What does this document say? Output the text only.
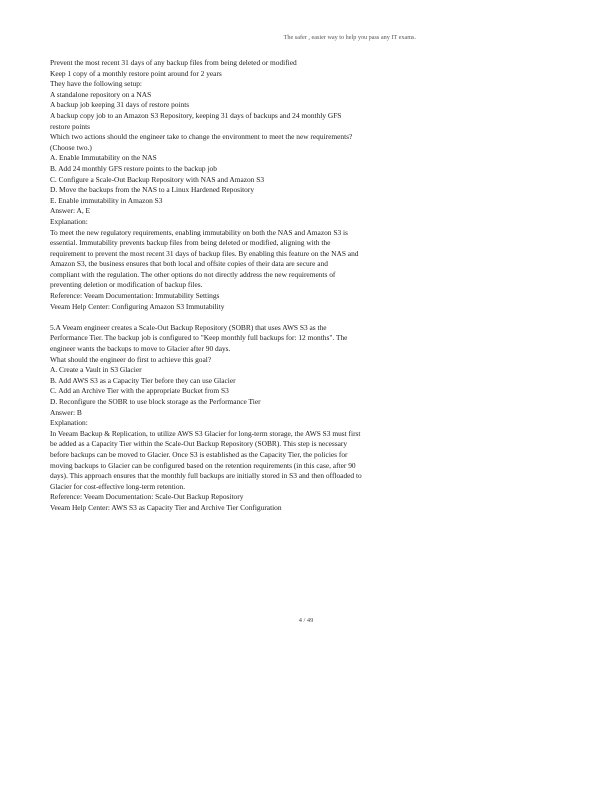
The safer , easier way to help you pass any IT exams.
Prevent the most recent 31 days of any backup files from being deleted or modified
Keep 1 copy of a monthly restore point around for 2 years
They have the following setup:
A standalone repository on a NAS
A backup job keeping 31 days of restore points
A backup copy job to an Amazon S3 Repository, keeping 31 days of backups and 24 monthly GFS
restore points
Which two actions should the engineer take to change the environment to meet the new requirements?
(Choose two.)
A. Enable Immutability on the NAS
B. Add 24 monthly GFS restore points to the backup job
C. Configure a Scale-Out Backup Repository with NAS and Amazon S3
D. Move the backups from the NAS to a Linux Hardened Repository
E. Enable immutability in Amazon S3
Answer: A, E
Explanation:
To meet the new regulatory requirements, enabling immutability on both the NAS and Amazon S3 is
essential. Immutability prevents backup files from being deleted or modified, aligning with the
requirement to prevent the most recent 31 days of backup files. By enabling this feature on the NAS and
Amazon S3, the business ensures that both local and offsite copies of their data are secure and
compliant with the regulation. The other options do not directly address the new requirements of
preventing deletion or modification of backup files.
Reference: Veeam Documentation: Immutability Settings
Veeam Help Center: Configuring Amazon S3 Immutability
5.A Veeam engineer creates a Scale-Out Backup Repository (SOBR) that uses AWS S3 as the
Performance Tier. The backup job is configured to "Keep monthly full backups for: 12 months". The
engineer wants the backups to move to Glacier after 90 days.
What should the engineer do first to achieve this goal?
A. Create a Vault in S3 Glacier
B. Add AWS S3 as a Capacity Tier before they can use Glacier
C. Add an Archive Tier with the appropriate Bucket from S3
D. Reconfigure the SOBR to use block storage as the Performance Tier
Answer: B
Explanation:
In Veeam Backup & Replication, to utilize AWS S3 Glacier for long-term storage, the AWS S3 must first
be added as a Capacity Tier within the Scale-Out Backup Repository (SOBR). This step is necessary
before backups can be moved to Glacier. Once S3 is established as the Capacity Tier, the policies for
moving backups to Glacier can be configured based on the retention requirements (in this case, after 90
days). This approach ensures that the monthly full backups are initially stored in S3 and then offloaded to
Glacier for cost-effective long-term retention.
Reference: Veeam Documentation: Scale-Out Backup Repository
Veeam Help Center: AWS S3 as Capacity Tier and Archive Tier Configuration
4 / 49
